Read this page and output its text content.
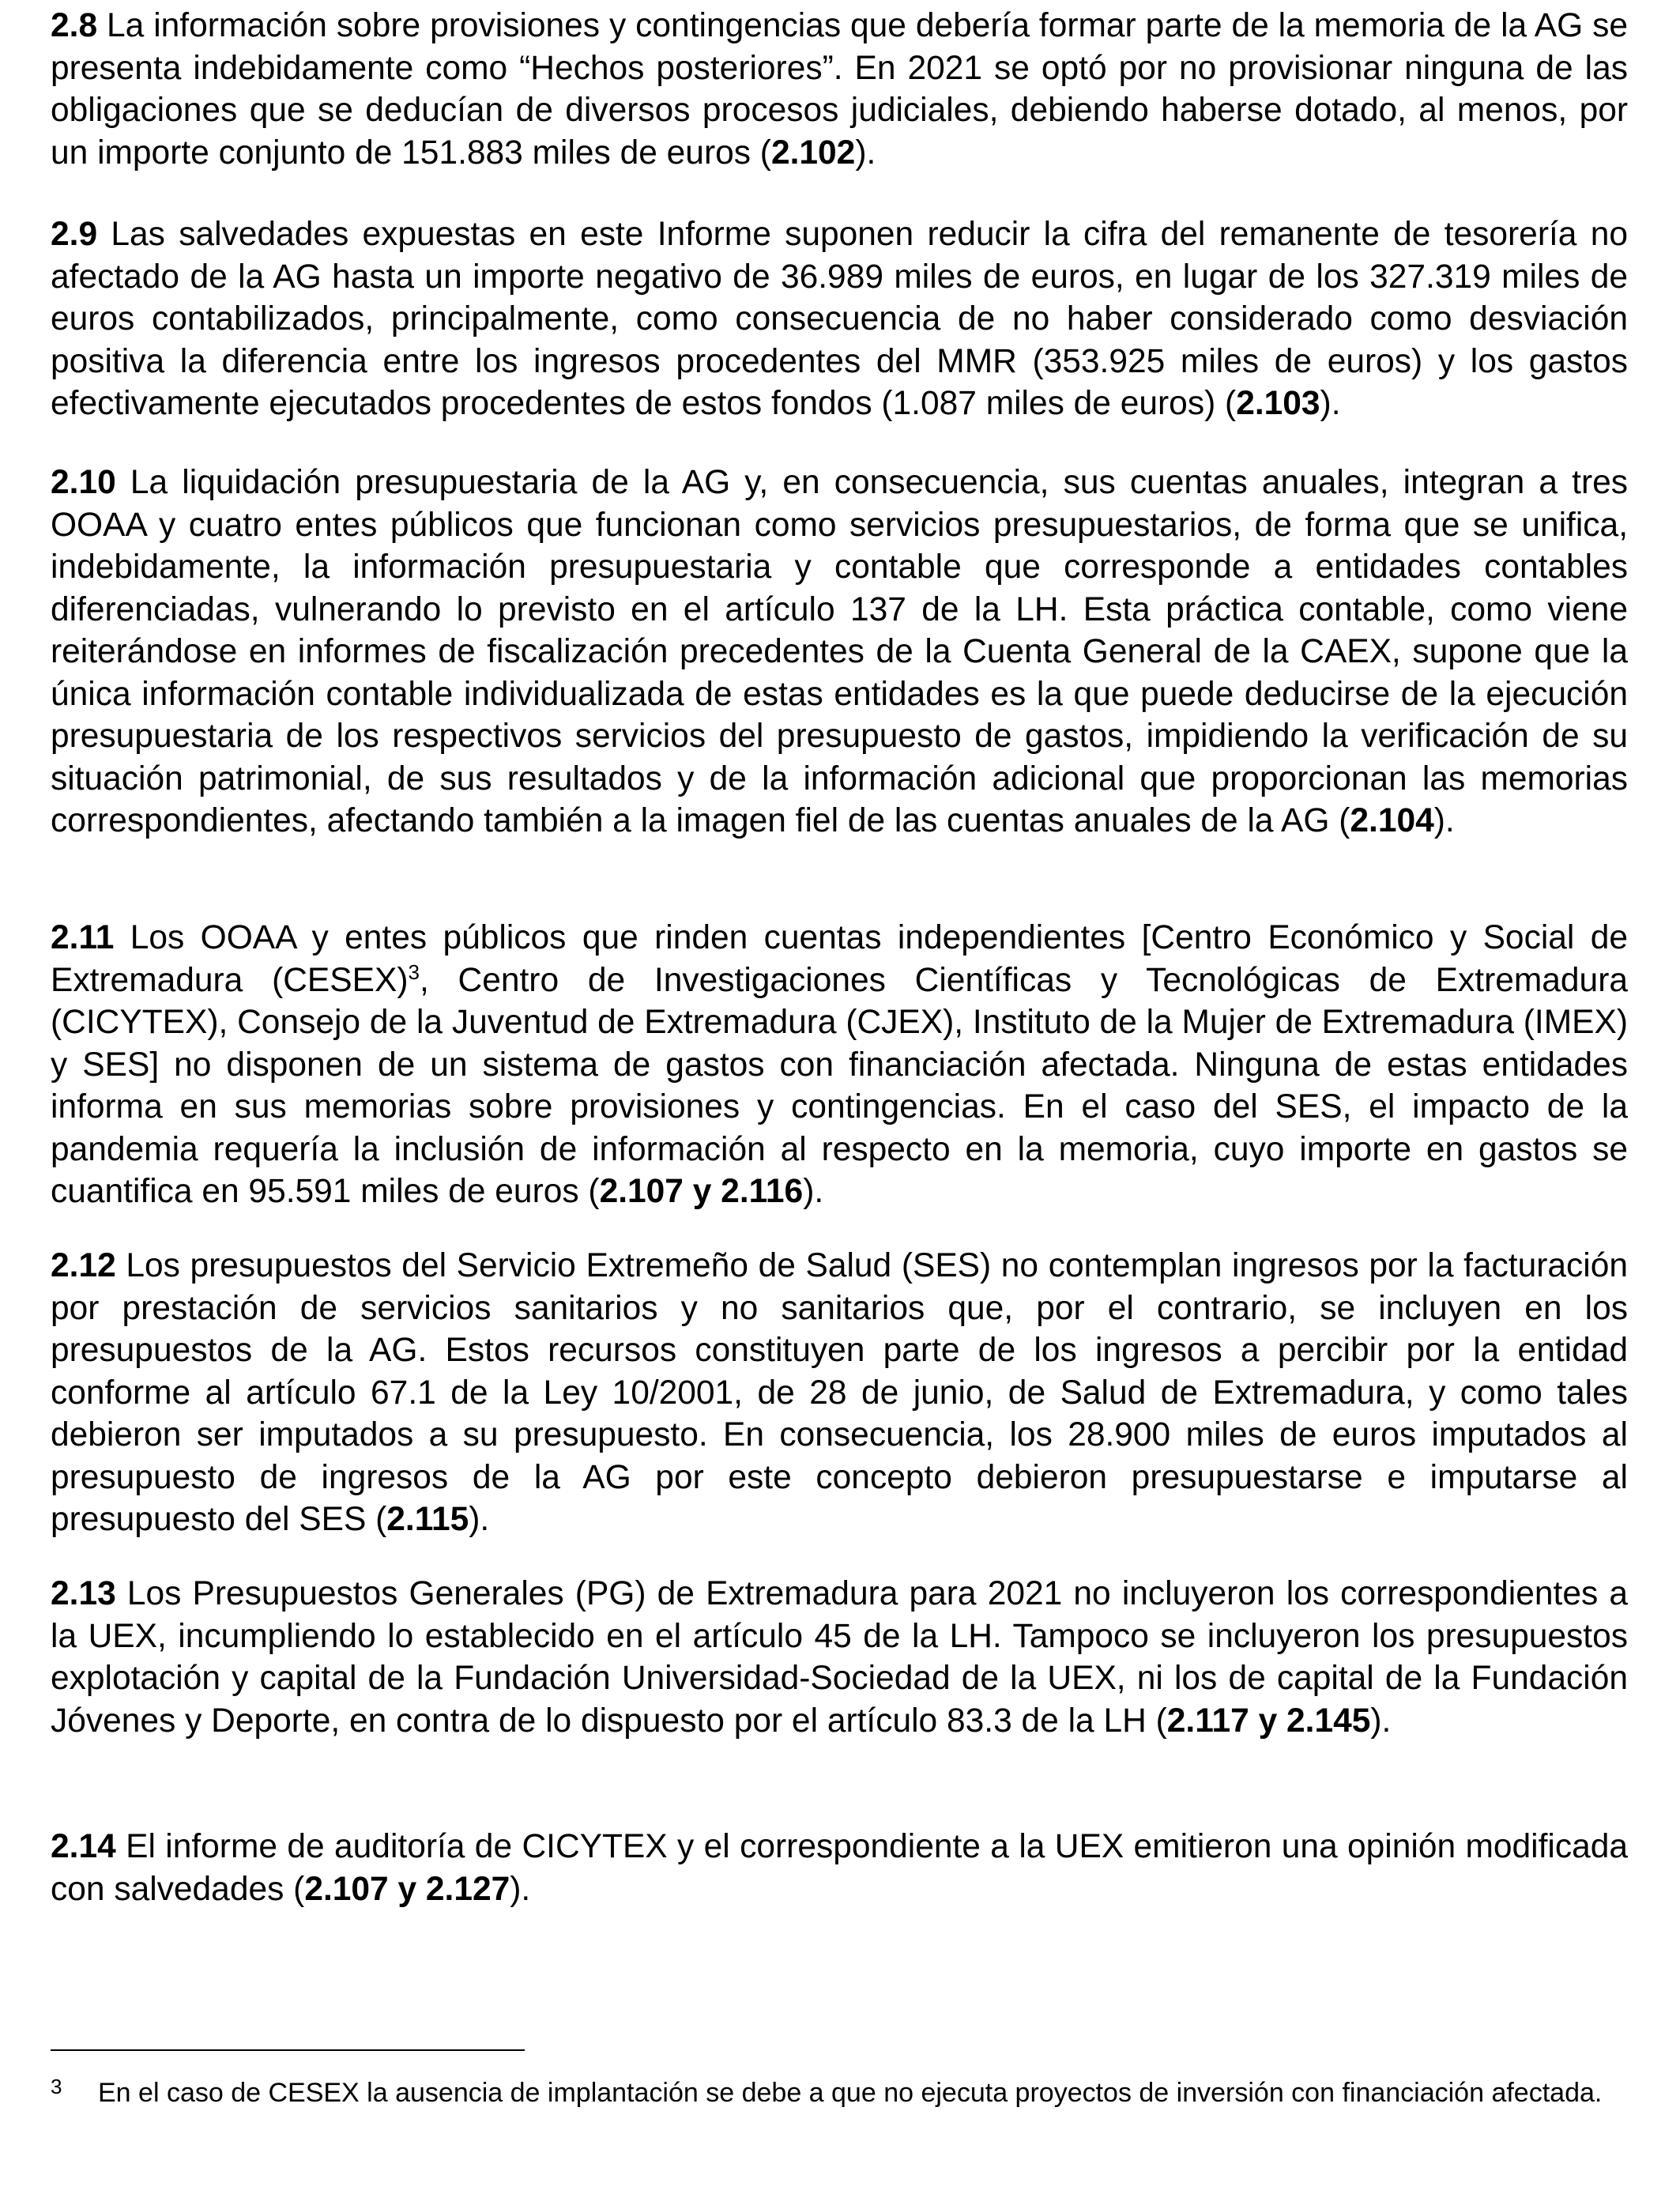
2.8 La información sobre provisiones y contingencias que debería formar parte de la memoria de la AG se presenta indebidamente como “Hechos posteriores”. En 2021 se optó por no provisionar ninguna de las obligaciones que se deducían de diversos procesos judiciales, debiendo haberse dotado, al menos, por un importe conjunto de 151.883 miles de euros (2.102).

2.9 Las salvedades expuestas en este Informe suponen reducir la cifra del remanente de tesorería no afectado de la AG hasta un importe negativo de 36.989 miles de euros, en lugar de los 327.319 miles de euros contabilizados, principalmente, como consecuencia de no haber considerado como desviación positiva la diferencia entre los ingresos procedentes del MMR (353.925 miles de euros) y los gastos efectivamente ejecutados procedentes de estos fondos (1.087 miles de euros) (2.103).

2.10 La liquidación presupuestaria de la AG y, en consecuencia, sus cuentas anuales, integran a tres OOAA y cuatro entes públicos que funcionan como servicios presupuestarios, de forma que se unifica, indebidamente, la información presupuestaria y contable que corresponde a entidades contables diferenciadas, vulnerando lo previsto en el artículo 137 de la LH. Esta práctica contable, como viene reiterándose en informes de fiscalización precedentes de la Cuenta General de la CAEX, supone que la única información contable individualizada de estas entidades es la que puede deducirse de la ejecución presupuestaria de los respectivos servicios del presupuesto de gastos, impidiendo la verificación de su situación patrimonial, de sus resultados y de la información adicional que proporcionan las memorias correspondientes, afectando también a la imagen fiel de las cuentas anuales de la AG (2.104).

2.11 Los OOAA y entes públicos que rinden cuentas independientes [Centro Económico y Social de Extremadura (CESEX)$^3$, Centro de Investigaciones Científicas y Tecnológicas de Extremadura (CICYTEX), Consejo de la Juventud de Extremadura (CJEX), Instituto de la Mujer de Extremadura (IMEX) y SES] no disponen de un sistema de gastos con financiación afectada. Ninguna de estas entidades informa en sus memorias sobre provisiones y contingencias. En el caso del SES, el impacto de la pandemia requería la inclusión de información al respecto en la memoria, cuyo importe en gastos se cuantifica en 95.591 miles de euros (2.107 y 2.116).

2.12 Los presupuestos del Servicio Extremeño de Salud (SES) no contemplan ingresos por la facturación por prestación de servicios sanitarios y no sanitarios que, por el contrario, se incluyen en los presupuestos de la AG. Estos recursos constituyen parte de los ingresos a percibir por la entidad conforme al artículo 67.1 de la Ley 10/2001, de 28 de junio, de Salud de Extremadura, y como tales debieron ser imputados a su presupuesto. En consecuencia, los 28.900 miles de euros imputados al presupuesto de ingresos de la AG por este concepto debieron presupuestarse e imputarse al presupuesto del SES (2.115).

2.13 Los Presupuestos Generales (PG) de Extremadura para 2021 no incluyeron los correspondientes a la UEX, incumpliendo lo establecido en el artículo 45 de la LH. Tampoco se incluyeron los presupuestos explotación y capital de la Fundación Universidad-Sociedad de la UEX, ni los de capital de la Fundación Jóvenes y Deporte, en contra de lo dispuesto por el artículo 83.3 de la LH (2.117 y 2.145).

2.14 El informe de auditoría de CICYTEX y el correspondiente a la UEX emitieron una opinión modificada con salvedades (2.107 y 2.127).

3 En el caso de CESEX la ausencia de implantación se debe a que no ejecuta proyectos de inversión con financiación afectada.
